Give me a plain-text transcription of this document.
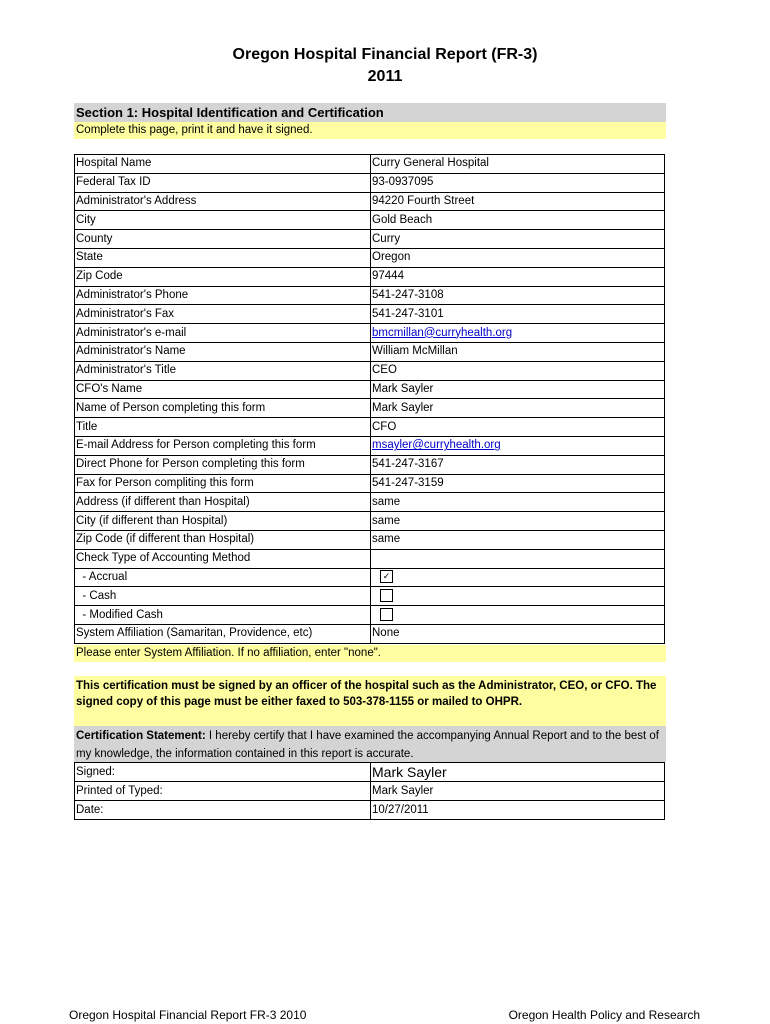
Oregon Hospital Financial Report (FR-3)
2011
Section 1: Hospital Identification and Certification
Complete this page, print it and have it signed.
Hospital Name	Curry General Hospital
Federal Tax ID	93-0937095
Administrator's Address	94220 Fourth Street
City	Gold Beach
County	Curry
State	Oregon
Zip Code	97444
Administrator's Phone	541-247-3108
Administrator's Fax	541-247-3101
Administrator's e-mail	bmcmillan@curryhealth.org
Administrator's Name	William McMillan
Administrator's Title	CEO
CFO's Name	Mark Sayler
Name of Person completing this form	Mark Sayler
Title	CFO
E-mail Address for Person completing this form	msayler@curryhealth.org
Direct Phone for Person completing this form	541-247-3167
Fax for Person compliting this form	541-247-3159
Address (if different than Hospital)	same
City (if different than Hospital)	same
Zip Code (if different than Hospital)	same
Check Type of Accounting Method	
- Accrual	✓
- Cash	
- Modified Cash	
System Affiliation (Samaritan, Providence, etc)	None
Please enter System Affiliation. If no affiliation, enter "none".
This certification must be signed by an officer of the hospital such as the Administrator, CEO, or CFO. The signed copy of this page must be either faxed to 503-378-1155 or mailed to OHPR.
Certification Statement: I hereby certify that I have examined the accompanying Annual Report and to the best of my knowledge, the information contained in this report is accurate.
Signed:	Mark Sayler
Printed of Typed:	Mark Sayler
Date:	10/27/2011
Oregon Hospital Financial Report FR-3 2010	Oregon Health Policy and Research
